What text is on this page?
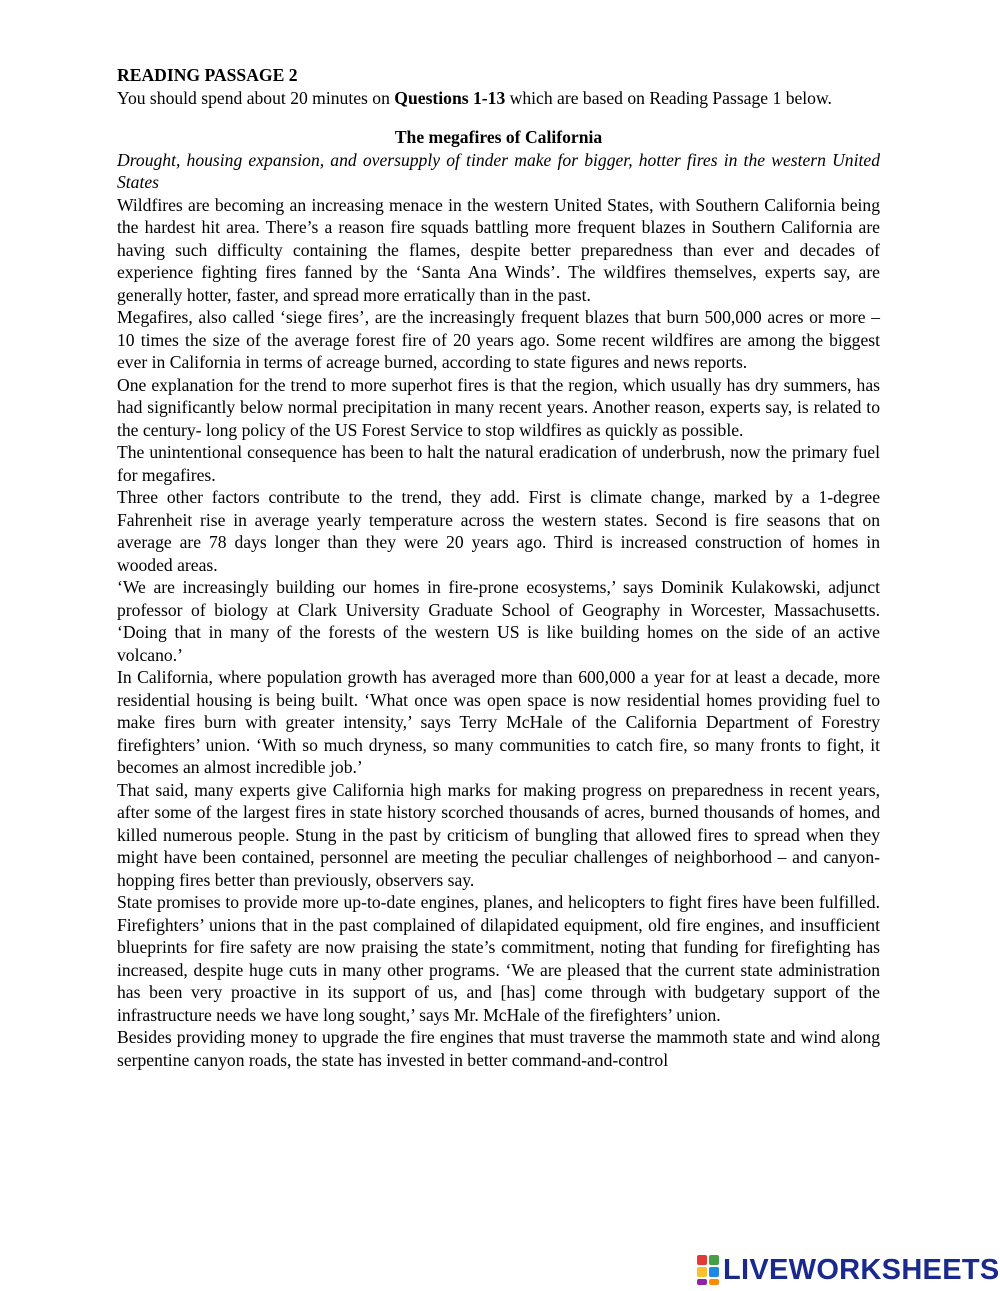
READING PASSAGE 2

You should spend about 20 minutes on Questions 1-13 which are based on Reading Passage 1 below.

The megafires of California

Drought, housing expansion, and oversupply of tinder make for bigger, hotter fires in the western United States

Wildfires are becoming an increasing menace in the western United States, with Southern California being the hardest hit area. There’s a reason fire squads battling more frequent blazes in Southern California are having such difficulty containing the flames, despite better preparedness than ever and decades of experience fighting fires fanned by the ‘Santa Ana Winds’. The wildfires themselves, experts say, are generally hotter, faster, and spread more erratically than in the past.

Megafires, also called ‘siege fires’, are the increasingly frequent blazes that burn 500,000 acres or more – 10 times the size of the average forest fire of 20 years ago. Some recent wildfires are among the biggest ever in California in terms of acreage burned, according to state figures and news reports.

One explanation for the trend to more superhot fires is that the region, which usually has dry summers, has had significantly below normal precipitation in many recent years. Another reason, experts say, is related to the century- long policy of the US Forest Service to stop wildfires as quickly as possible.

The unintentional consequence has been to halt the natural eradication of underbrush, now the primary fuel for megafires.

Three other factors contribute to the trend, they add. First is climate change, marked by a 1-degree Fahrenheit rise in average yearly temperature across the western states. Second is fire seasons that on average are 78 days longer than they were 20 years ago. Third is increased construction of homes in wooded areas.

‘We are increasingly building our homes in fire-prone ecosystems,’ says Dominik Kulakowski, adjunct professor of biology at Clark University Graduate School of Geography in Worcester, Massachusetts. ‘Doing that in many of the forests of the western US is like building homes on the side of an active volcano.’

In California, where population growth has averaged more than 600,000 a year for at least a decade, more residential housing is being built. ‘What once was open space is now residential homes providing fuel to make fires burn with greater intensity,’ says Terry McHale of the California Department of Forestry firefighters’ union. ‘With so much dryness, so many communities to catch fire, so many fronts to fight, it becomes an almost incredible job.’

That said, many experts give California high marks for making progress on preparedness in recent years, after some of the largest fires in state history scorched thousands of acres, burned thousands of homes, and killed numerous people. Stung in the past by criticism of bungling that allowed fires to spread when they might have been contained, personnel are meeting the peculiar challenges of neighborhood – and canyon- hopping fires better than previously, observers say.

State promises to provide more up-to-date engines, planes, and helicopters to fight fires have been fulfilled. Firefighters’ unions that in the past complained of dilapidated equipment, old fire engines, and insufficient blueprints for fire safety are now praising the state’s commitment, noting that funding for firefighting has increased, despite huge cuts in many other programs. ‘We are pleased that the current state administration has been very proactive in its support of us, and [has] come through with budgetary support of the infrastructure needs we have long sought,’ says Mr. McHale of the firefighters’ union.

Besides providing money to upgrade the fire engines that must traverse the mammoth state and wind along serpentine canyon roads, the state has invested in better command-and-control

LIVEWORKSHEETS
